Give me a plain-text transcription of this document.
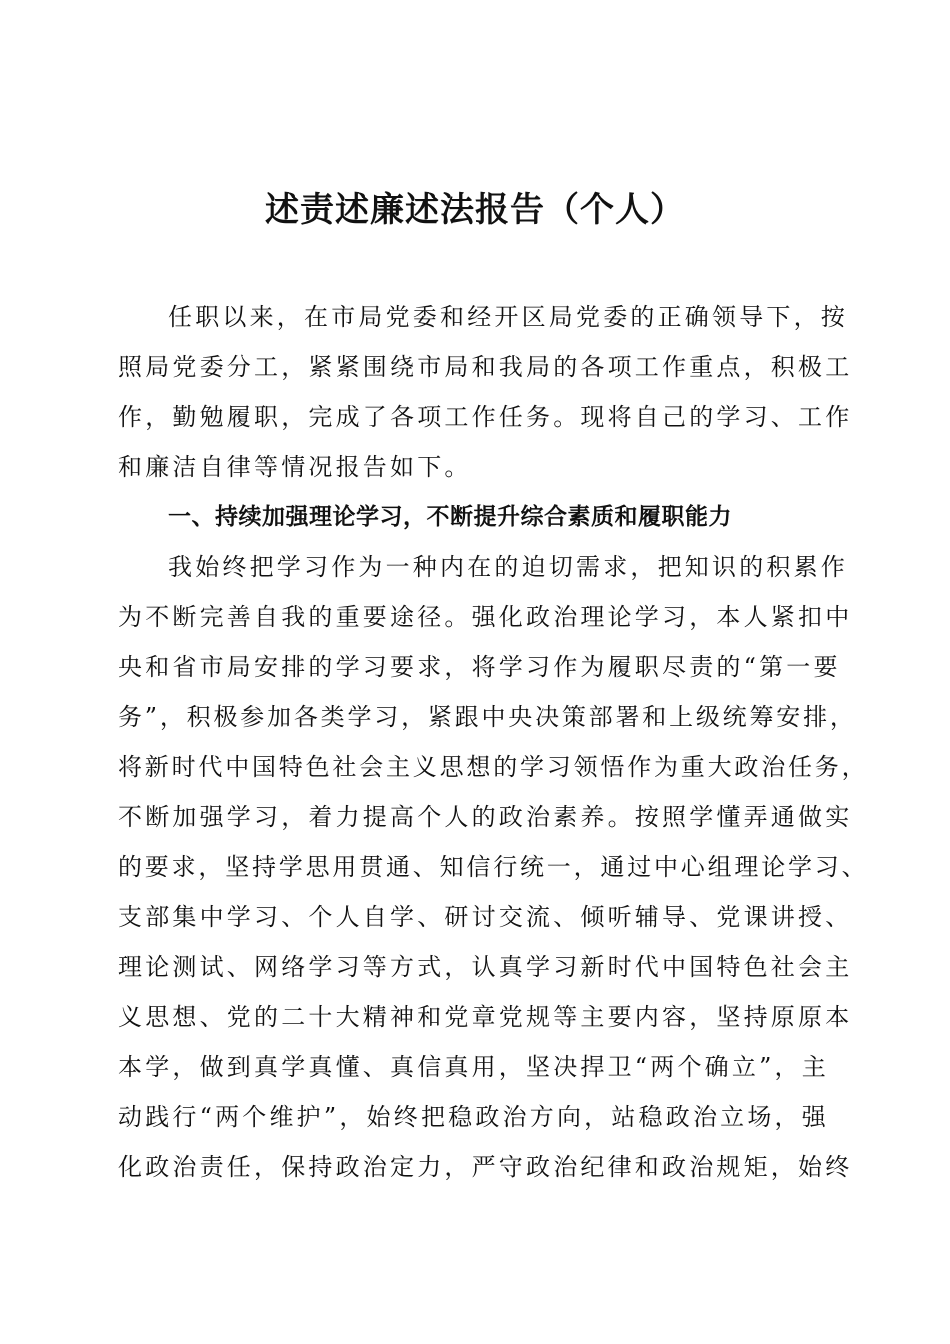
述责述廉述法报告（个人）
任职以来，在市局党委和经开区局党委的正确领导下，按
照局党委分工，紧紧围绕市局和我局的各项工作重点，积极工
作，勤勉履职，完成了各项工作任务。现将自己的学习、工作
和廉洁自律等情况报告如下。
一、持续加强理论学习，不断提升综合素质和履职能力
我始终把学习作为一种内在的迫切需求，把知识的积累作
为不断完善自我的重要途径。强化政治理论学习，本人紧扣中
央和省市局安排的学习要求，将学习作为履职尽责的“第一要
务”，积极参加各类学习，紧跟中央决策部署和上级统筹安排，
将新时代中国特色社会主义思想的学习领悟作为重大政治任务，
不断加强学习，着力提高个人的政治素养。按照学懂弄通做实
的要求，坚持学思用贯通、知信行统一，通过中心组理论学习、
支部集中学习、个人自学、研讨交流、倾听辅导、党课讲授、
理论测试、网络学习等方式，认真学习新时代中国特色社会主
义思想、党的二十大精神和党章党规等主要内容，坚持原原本
本学，做到真学真懂、真信真用，坚决捍卫“两个确立”，主
动践行“两个维护”，始终把稳政治方向，站稳政治立场，强
化政治责任，保持政治定力，严守政治纪律和政治规矩，始终
